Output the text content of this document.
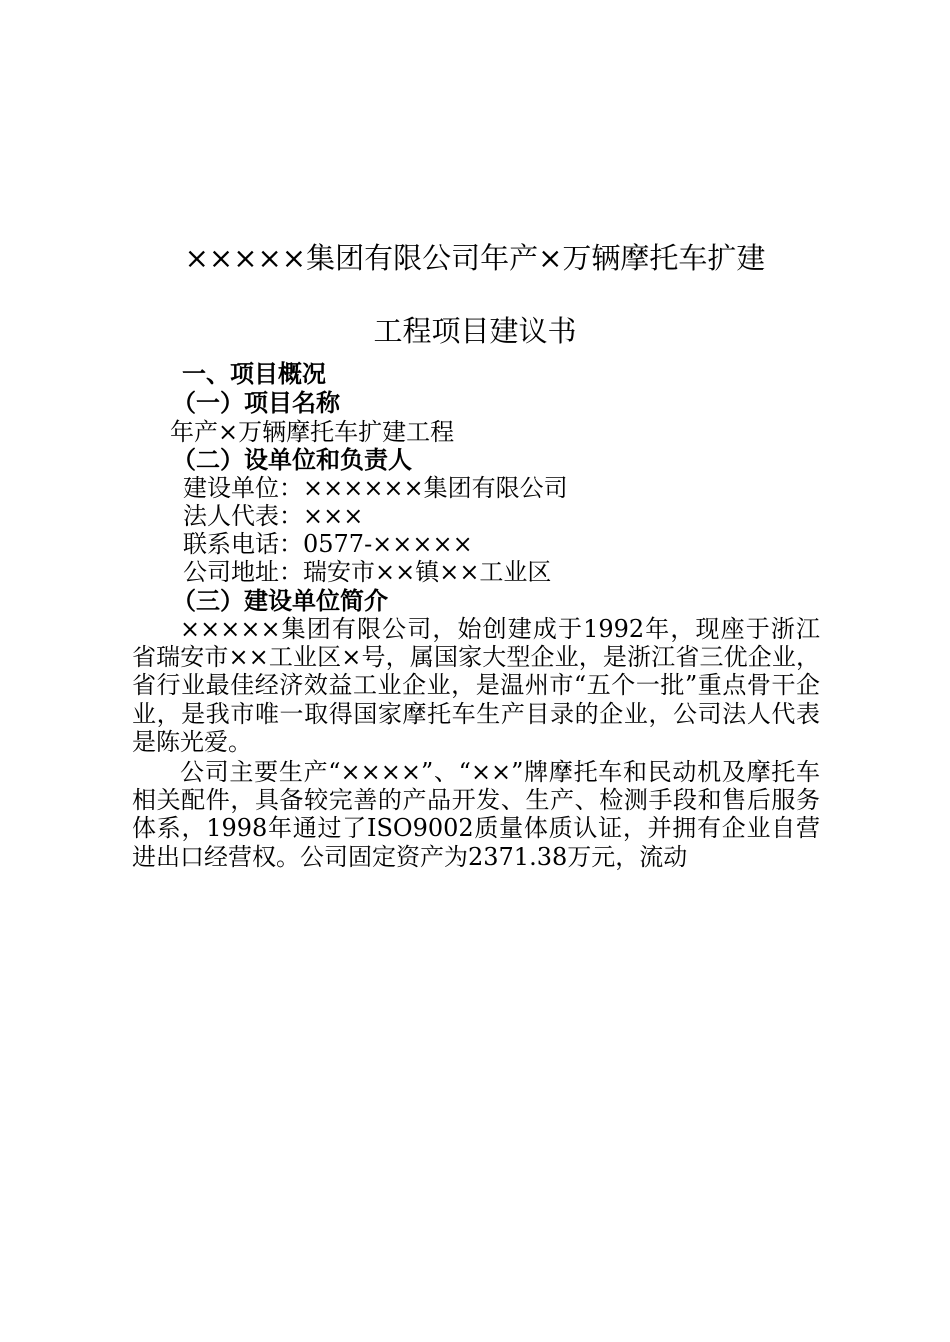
×××××集团有限公司年产×万辆摩托车扩建
工程项目建议书
一、项目概况
（一）项目名称
年产×万辆摩托车扩建工程
（二）设单位和负责人
建设单位：××××××集团有限公司
法人代表：×××
联系电话：0577-×××××
公司地址：瑞安市××镇××工业区
（三）建设单位简介
×××××集团有限公司，始创建成于1992年，现座于浙江省瑞安市××工业区×号，属国家大型企业，是浙江省三优企业，省行业最佳经济效益工业企业，是温州市“五个一批”重点骨干企业，是我市唯一取得国家摩托车生产目录的企业，公司法人代表是陈光爱。
公司主要生产“××××”、“××”牌摩托车和民动机及摩托车相关配件，具备较完善的产品开发、生产、检测手段和售后服务体系，1998年通过了ISO9002质量体质认证，并拥有企业自营进出口经营权。公司固定资产为2371.38万元，流动
